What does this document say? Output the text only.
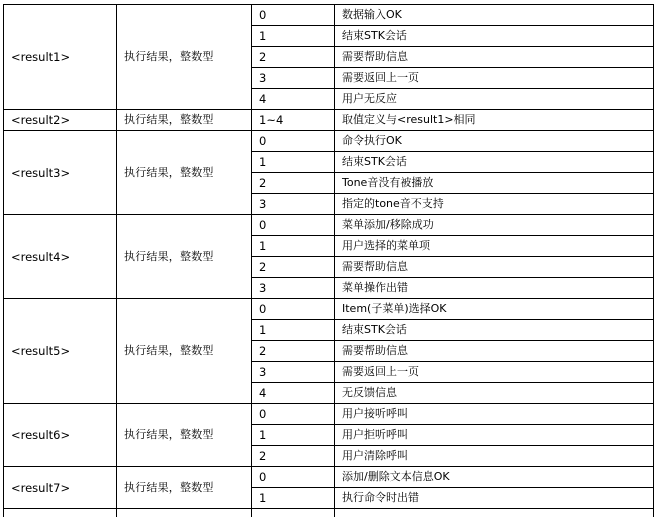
<result1>	执行结果，整数型	0	数据输入OK
		1	结束STK会话
		2	需要帮助信息
		3	需要返回上一页
		4	用户无反应
<result2>	执行结果，整数型	1~4	取值定义与<result1>相同
<result3>	执行结果，整数型	0	命令执行OK
		1	结束STK会话
		2	Tone音没有被播放
		3	指定的tone音不支持
<result4>	执行结果，整数型	0	菜单添加/移除成功
		1	用户选择的菜单项
		2	需要帮助信息
		3	菜单操作出错
<result5>	执行结果，整数型	0	Item(子菜单)选择OK
		1	结束STK会话
		2	需要帮助信息
		3	需要返回上一页
		4	无反馈信息
<result6>	执行结果，整数型	0	用户接听呼叫
		1	用户拒听呼叫
		2	用户清除呼叫
<result7>	执行结果，整数型	0	添加/删除文本信息OK
		1	执行命令时出错
